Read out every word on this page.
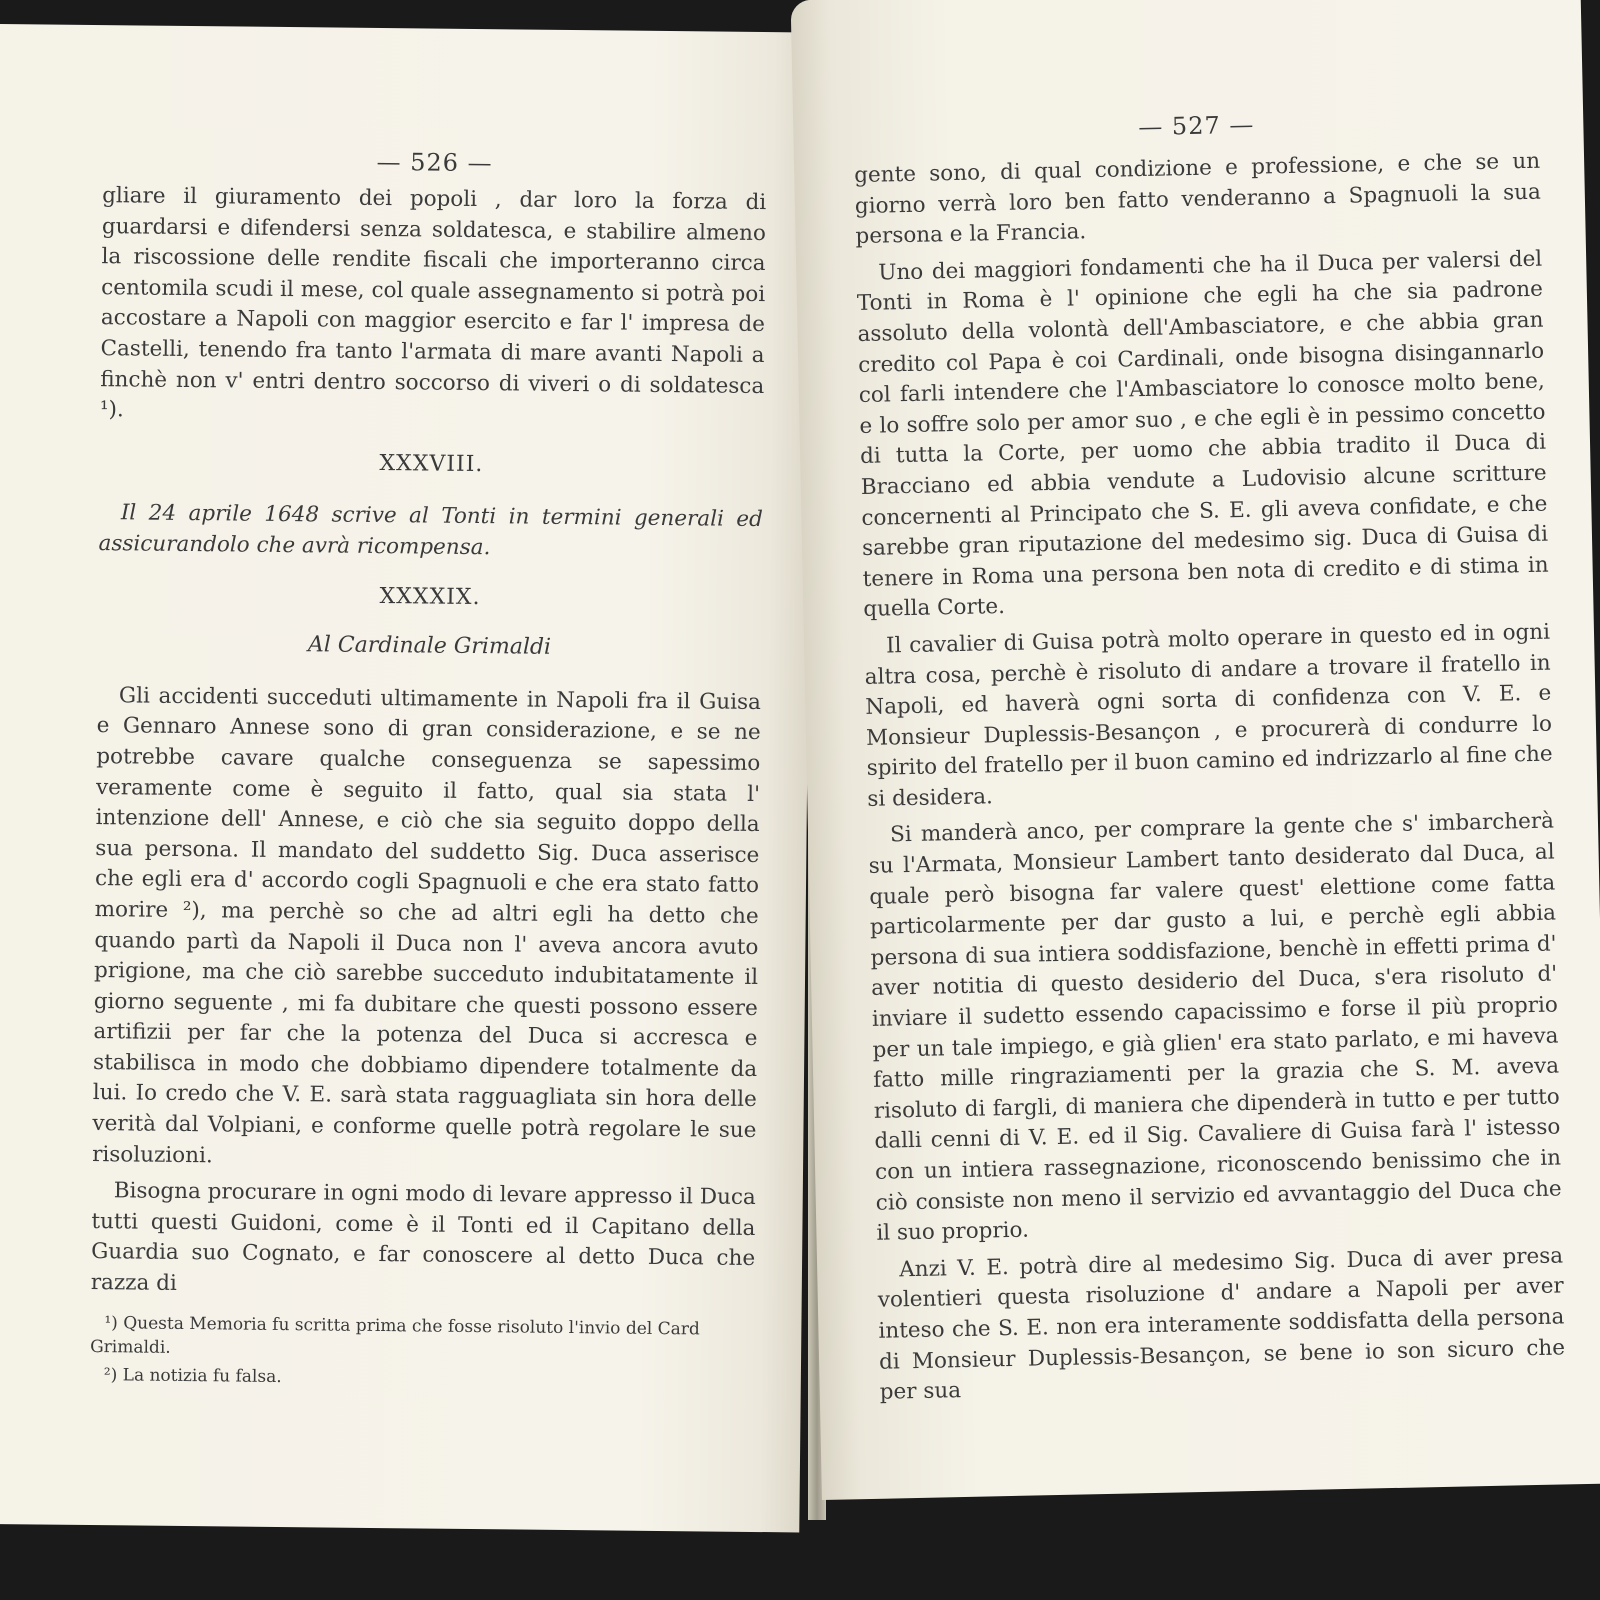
— 526 —

gliare il giuramento dei popoli , dar loro la forza di guardarsi e difendersi senza soldatesca, e stabilire almeno la riscossione delle rendite fiscali che importeranno circa centomila scudi il mese, col quale assegnamento si potrà poi accostare a Napoli con maggior esercito e far l' impresa de Castelli, tenendo fra tanto l'armata di mare avanti Napoli a finchè non v' entri dentro soccorso di viveri o di soldatesca ¹).

XXXVIII.

Il 24 aprile 1648 scrive al Tonti in termini generali ed assicurandolo che avrà ricompensa.

XXXXIX.

Al Cardinale Grimaldi

Gli accidenti succeduti ultimamente in Napoli fra il Guisa e Gennaro Annese sono di gran considerazione, e se ne potrebbe cavare qualche conseguenza se sapessimo veramente come è seguito il fatto, qual sia stata l' intenzione dell' Annese, e ciò che sia seguito doppo della sua persona. Il mandato del suddetto Sig. Duca asserisce che egli era d' accordo cogli Spagnuoli e che era stato fatto morire ²), ma perchè so che ad altri egli ha detto che quando partì da Napoli il Duca non l' aveva ancora avuto prigione, ma che ciò sarebbe succeduto indubitatamente il giorno seguente , mi fa dubitare che questi possono essere artifizii per far che la potenza del Duca si accresca e stabilisca in modo che dobbiamo dipendere totalmente da lui. Io credo che V. E. sarà stata ragguagliata sin hora delle verità dal Volpiani, e conforme quelle potrà regolare le sue risoluzioni.

Bisogna procurare in ogni modo di levare appresso il Duca tutti questi Guidoni, come è il Tonti ed il Capitano della Guardia suo Cognato, e far conoscere al detto Duca che razza di

¹) Questa Memoria fu scritta prima che fosse risoluto l'invio del Card Grimaldi.

²) La notizia fu falsa.

— 527 —

gente sono, di qual condizione e professione, e che se un giorno verrà loro ben fatto venderanno a Spagnuoli la sua persona e la Francia.

Uno dei maggiori fondamenti che ha il Duca per valersi del Tonti in Roma è l' opinione che egli ha che sia padrone assoluto della volontà dell'Ambasciatore, e che abbia gran credito col Papa è coi Cardinali, onde bisogna disingannarlo col farli intendere che l'Ambasciatore lo conosce molto bene, e lo soffre solo per amor suo , e che egli è in pessimo concetto di tutta la Corte, per uomo che abbia tradito il Duca di Bracciano ed abbia vendute a Ludovisio alcune scritture concernenti al Principato che S. E. gli aveva confidate, e che sarebbe gran riputazione del medesimo sig. Duca di Guisa di tenere in Roma una persona ben nota di credito e di stima in quella Corte.

Il cavalier di Guisa potrà molto operare in questo ed in ogni altra cosa, perchè è risoluto di andare a trovare il fratello in Napoli, ed haverà ogni sorta di confidenza con V. E. e Monsieur Duplessis-Besançon , e procurerà di condurre lo spirito del fratello per il buon camino ed indrizzarlo al fine che si desidera.

Si manderà anco, per comprare la gente che s' imbarcherà su l'Armata, Monsieur Lambert tanto desiderato dal Duca, al quale però bisogna far valere quest' elettione come fatta particolarmente per dar gusto a lui, e perchè egli abbia persona di sua intiera soddisfazione, benchè in effetti prima d' aver notitia di questo desiderio del Duca, s'era risoluto d' inviare il sudetto essendo capacissimo e forse il più proprio per un tale impiego, e già glien' era stato parlato, e mi haveva fatto mille ringraziamenti per la grazia che S. M. aveva risoluto di fargli, di maniera che dipenderà in tutto e per tutto dalli cenni di V. E. ed il Sig. Cavaliere di Guisa farà l' istesso con un intiera rassegnazione, riconoscendo benissimo che in ciò consiste non meno il servizio ed avvantaggio del Duca che il suo proprio.

Anzi V. E. potrà dire al medesimo Sig. Duca di aver presa volentieri questa risoluzione d' andare a Napoli per aver inteso che S. E. non era interamente soddisfatta della persona di Monsieur Duplessis-Besançon, se bene io son sicuro che per sua
